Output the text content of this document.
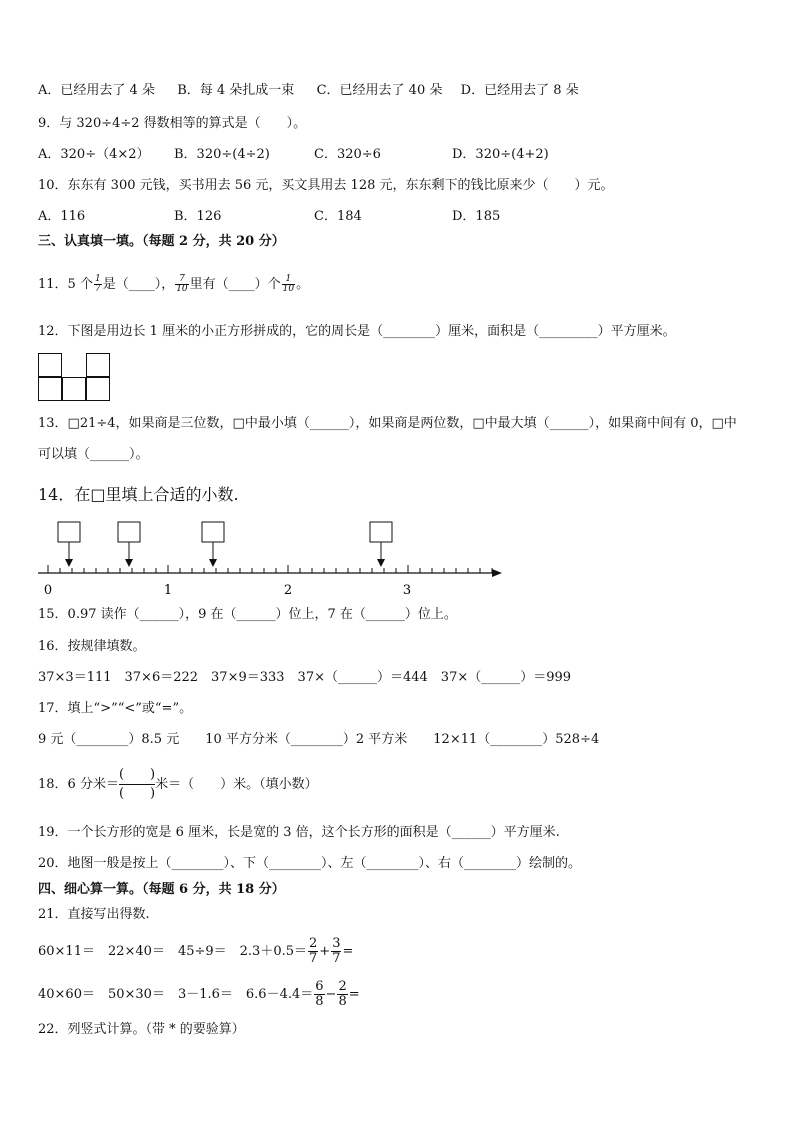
A．已经用去了 4 朵 B．每 4 朵扎成一束 C．已经用去了 40 朵 D．已经用去了 8 朵
9．与 320÷4÷2 得数相等的算式是（　　）。
A．320÷（4×2） B．320÷(4÷2)	C．320÷6	D．320÷(4+2)
10．东东有 300 元钱，买书用去 56 元，买文具用去 128 元，东东剩下的钱比原来少（　　）元。
A．116	B．126	C．184	D．185
三、认真填一填。（每题 2 分，共 20 分）
11．5 个 $\frac{1}{7}$ 是（____）， $\frac{7}{10}$ 里有（____）个 $\frac{1}{10}$ 。
12．下图是用边长 1 厘米的小正方形拼成的，它的周长是（________）厘米，面积是（_________）平方厘米。
13．□21÷4，如果商是三位数，□中最小填（______），如果商是两位数，□中最大填（______），如果商中间有 0，□中
可以填（______）。
14．在□里填上合适的小数.
0	1	2	3
15．0.97 读作（______），9 在（______）位上，7 在（______）位上。
16．按规律填数。
37×3＝111　37×6＝222　37×9＝333　37×（______）＝444　37×（______）＝999
17．填上“>”“<”或“=”。
9 元（________）8.5 元　　10 平方分米（________）2 平方米　　12×11（________）528÷4
18．6 分米＝
(　　)
(　　)米＝（　　）米。（填小数）
19．一个长方形的宽是 6 厘米，长是宽的 3 倍，这个长方形的面积是（______）平方厘米.
20．地图一般是按上（________）、下（________）、左（________）、右（________）绘制的。
四、细心算一算。（每题 6 分，共 18 分）
21．直接写出得数.
60×11＝　22×40＝　45÷9＝　$2.3+0.5= \frac{2}{7} + \frac{3}{7}$ =
40×60＝　50×30＝　3－1.6＝　$6.6-4.4= \frac{6}{8} - \frac{2}{8}$ =
22．列竖式计算。（带 * 的要验算）
